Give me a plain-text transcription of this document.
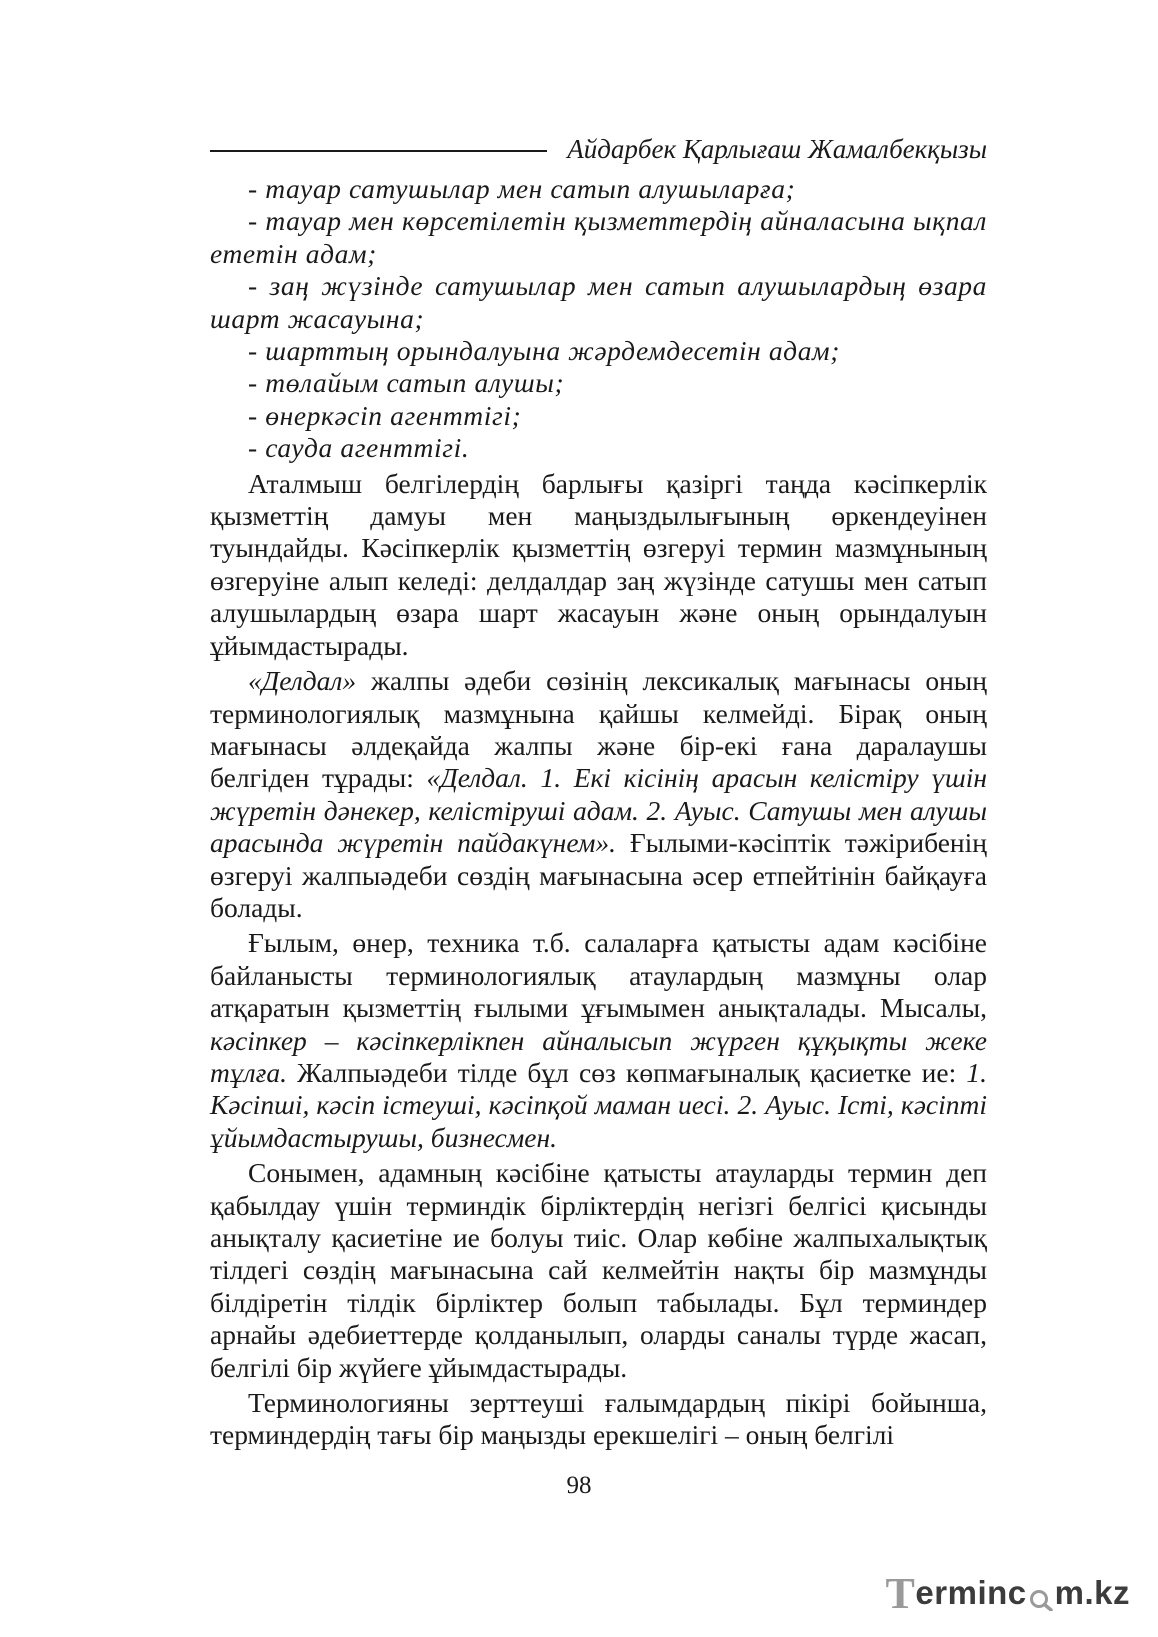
Айдарбек Қарлығаш Жамалбекқызы

- тауар сатушылар мен сатып алушыларға;

- тауар мен көрсетілетін қызметтердің айналасына ықпал ететін адам;

- заң жүзінде сатушылар мен сатып алушылардың өзара шарт жасауына;

- шарттың орындалуына жәрдемдесетін адам;

- төлайым сатып алушы;

- өнеркәсіп агенттігі;

- сауда агенттігі.

Аталмыш белгілердің барлығы қазіргі таңда кәсіпкерлік қызметтің дамуы мен маңыздылығының өркендеуінен туындайды. Кәсіпкерлік қызметтің өзгеруі термин мазмұнының өзгеруіне алып келеді: делдалдар заң жүзінде сатушы мен сатып алушылардың өзара шарт жасауын және оның орындалуын ұйымдастырады.

«Делдал» жалпы әдеби сөзінің лексикалық мағынасы оның терминологиялық мазмұнына қайшы келмейді. Бірақ оның мағынасы әлдеқайда жалпы және бір-екі ғана даралаушы белгіден тұрады: «Делдал. 1. Екі кісінің арасын келістіру үшін жүретін дәнекер, келістіруші адам. 2. Ауыс. Сатушы мен алушы арасында жүретін пайдакүнем». Ғылыми-кәсіптік тәжірибенің өзгеруі жалпыәдеби сөздің мағынасына әсер етпейтінін байқауға болады.

Ғылым, өнер, техника т.б. салаларға қатысты адам кәсібіне байланысты терминологиялық атаулардың мазмұны олар атқаратын қызметтің ғылыми ұғымымен анықталады. Мысалы, кәсіпкер – кәсіпкерлікпен айналысып жүрген құқықты жеке тұлға. Жалпыәдеби тілде бұл сөз көпмағыналық қасиетке ие: 1. Кәсіпші, кәсіп істеуші, кәсіпқой маман иесі. 2. Ауыс. Істі, кәсіпті ұйымдастырушы, бизнесмен.

Сонымен, адамның кәсібіне қатысты атауларды термин деп қабылдау үшін терминдік бірліктердің негізгі белгісі қисынды анықталу қасиетіне ие болуы тиіс. Олар көбіне жалпыхалықтық тілдегі сөздің мағынасына сай келмейтін нақты бір мазмұнды білдіретін тілдік бірліктер болып табылады. Бұл терминдер арнайы әдебиеттерде қолданылып, оларды саналы түрде жасап, белгілі бір жүйеге ұйымдастырады.

Терминологияны зерттеуші ғалымдардың пікірі бойынша, терминдердің тағы бір маңызды ерекшелігі – оның белгілі

98
T erminc m.kz
